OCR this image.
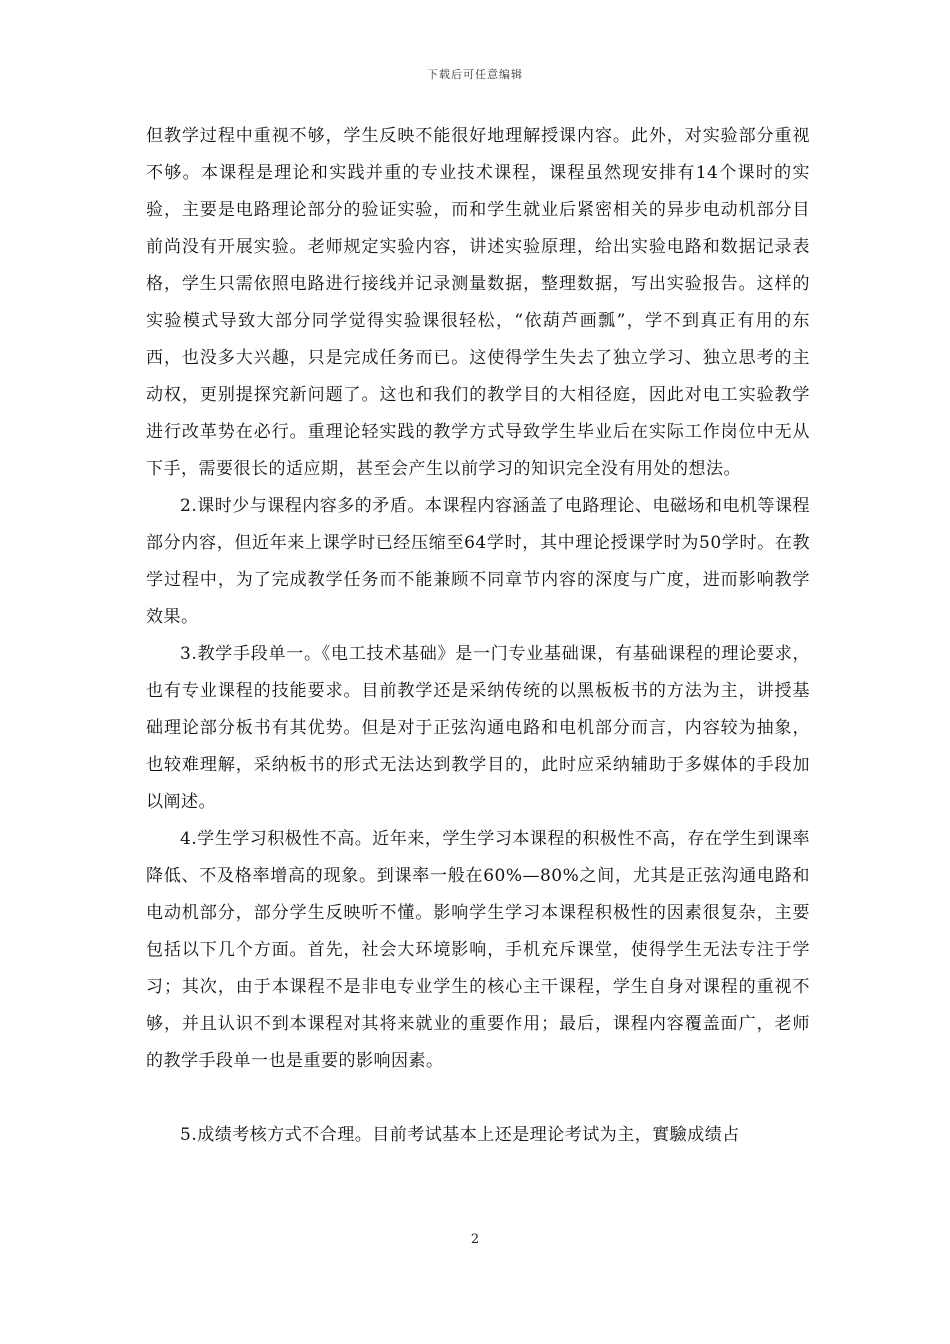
下载后可任意编辑

但教学过程中重视不够，学生反映不能很好地理解授课内容。此外，对实验部分重视不够。本课程是理论和实践并重的专业技术课程，课程虽然现安排有14个课时的实验，主要是电路理论部分的验证实验，而和学生就业后紧密相关的异步电动机部分目前尚没有开展实验。老师规定实验内容，讲述实验原理，给出实验电路和数据记录表格，学生只需依照电路进行接线并记录测量数据，整理数据，写出实验报告。这样的实验模式导致大部分同学觉得实验课很轻松，“依葫芦画瓢”，学不到真正有用的东西，也没多大兴趣，只是完成任务而已。这使得学生失去了独立学习、独立思考的主动权，更别提探究新问题了。这也和我们的教学目的大相径庭，因此对电工实验教学进行改革势在必行。重理论轻实践的教学方式导致学生毕业后在实际工作岗位中无从下手，需要很长的适应期，甚至会产生以前学习的知识完全没有用处的想法。

2.课时少与课程内容多的矛盾。本课程内容涵盖了电路理论、电磁场和电机等课程部分内容，但近年来上课学时已经压缩至64学时，其中理论授课学时为50学时。在教学过程中，为了完成教学任务而不能兼顾不同章节内容的深度与广度，进而影响教学效果。

3.教学手段单一。《电工技术基础》是一门专业基础课，有基础课程的理论要求，也有专业课程的技能要求。目前教学还是采纳传统的以黑板板书的方法为主，讲授基础理论部分板书有其优势。但是对于正弦沟通电路和电机部分而言，内容较为抽象，也较难理解，采纳板书的形式无法达到教学目的，此时应采纳辅助于多媒体的手段加以阐述。

4.学生学习积极性不高。近年来，学生学习本课程的积极性不高，存在学生到课率降低、不及格率增高的现象。到课率一般在60%—80%之间，尤其是正弦沟通电路和电动机部分，部分学生反映听不懂。影响学生学习本课程积极性的因素很复杂，主要包括以下几个方面。首先，社会大环境影响，手机充斥课堂，使得学生无法专注于学习；其次，由于本课程不是非电专业学生的核心主干课程，学生自身对课程的重视不够，并且认识不到本课程对其将来就业的重要作用；最后，课程内容覆盖面广，老师的教学手段单一也是重要的影响因素。

5.成绩考核方式不合理。目前考试基本上还是理论考试为主，實驗成绩占

2
